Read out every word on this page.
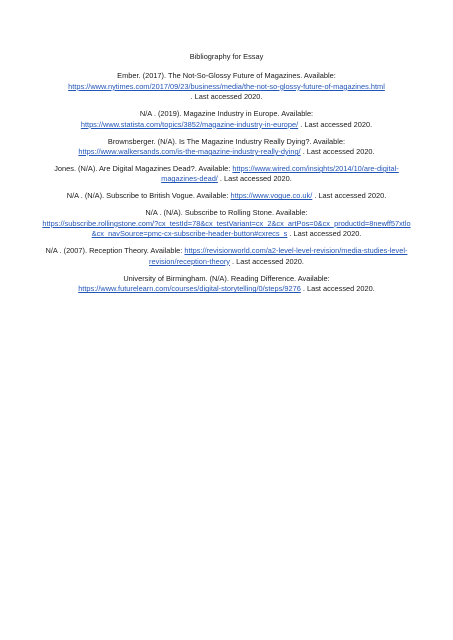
Bibliography for Essay

Ember. (2017). The Not-So-Glossy Future of Magazines. Available:
https://www.nytimes.com/2017/09/23/business/media/the-not-so-glossy-future-of-magazines.html
. Last accessed 2020.

N/A . (2019). Magazine Industry in Europe. Available:
https://www.statista.com/topics/3852/magazine-industry-in-europe/ . Last accessed 2020.

Brownsberger. (N/A). Is The Magazine Industry Really Dying?. Available:
https://www.walkersands.com/is-the-magazine-industry-really-dying/ . Last accessed 2020.

Jones. (N/A). Are Digital Magazines Dead?. Available: https://www.wired.com/insights/2014/10/are-digital-magazines-dead/ . Last accessed 2020.

N/A . (N/A). Subscribe to British Vogue. Available: https://www.vogue.co.uk/ . Last accessed 2020.

N/A . (N/A). Subscribe to Rolling Stone. Available:
https://subscribe.rollingstone.com/?cx_testId=78&cx_testVariant=cx_2&cx_artPos=0&cx_productId=8newff57xtlo&cx_navSource=pmc-cx-subscribe-header-button#cxrecs_s . Last accessed 2020.

N/A . (2007). Reception Theory. Available: https://revisionworld.com/a2-level-level-revision/media-studies-level-revision/reception-theory . Last accessed 2020.

University of Birmingham. (N/A). Reading Difference. Available:
https://www.futurelearn.com/courses/digital-storytelling/0/steps/9276 . Last accessed 2020.
